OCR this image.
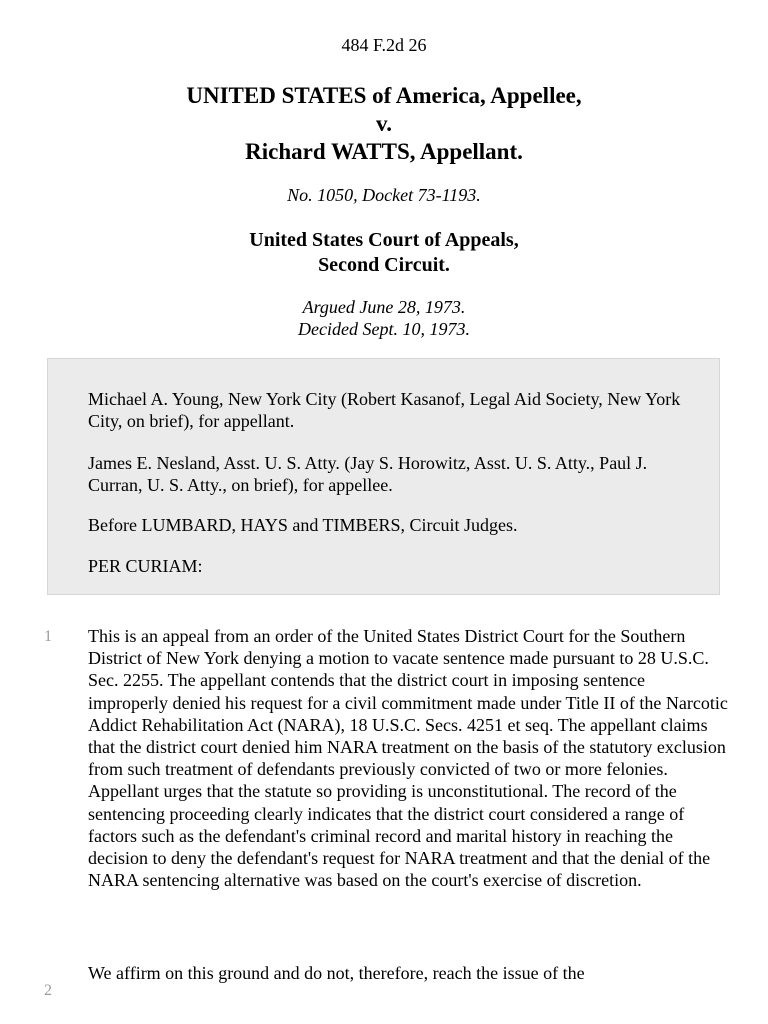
484 F.2d 26
UNITED STATES of America, Appellee,
v.
Richard WATTS, Appellant.
No. 1050, Docket 73-1193.
United States Court of Appeals,
Second Circuit.
Argued June 28, 1973.
Decided Sept. 10, 1973.

Michael A. Young, New York City (Robert Kasanof, Legal Aid Society, New York City, on brief), for appellant.

James E. Nesland, Asst. U. S. Atty. (Jay S. Horowitz, Asst. U. S. Atty., Paul J. Curran, U. S. Atty., on brief), for appellee.

Before LUMBARD, HAYS and TIMBERS, Circuit Judges.

PER CURIAM:

1 This is an appeal from an order of the United States District Court for the Southern District of New York denying a motion to vacate sentence made pursuant to 28 U.S.C. Sec. 2255. The appellant contends that the district court in imposing sentence improperly denied his request for a civil commitment made under Title II of the Narcotic Addict Rehabilitation Act (NARA), 18 U.S.C. Secs. 4251 et seq. The appellant claims that the district court denied him NARA treatment on the basis of the statutory exclusion from such treatment of defendants previously convicted of two or more felonies. Appellant urges that the statute so providing is unconstitutional. The record of the sentencing proceeding clearly indicates that the district court considered a range of factors such as the defendant's criminal record and marital history in reaching the decision to deny the defendant's request for NARA treatment and that the denial of the NARA sentencing alternative was based on the court's exercise of discretion.

2

We affirm on this ground and do not, therefore, reach the issue of the
